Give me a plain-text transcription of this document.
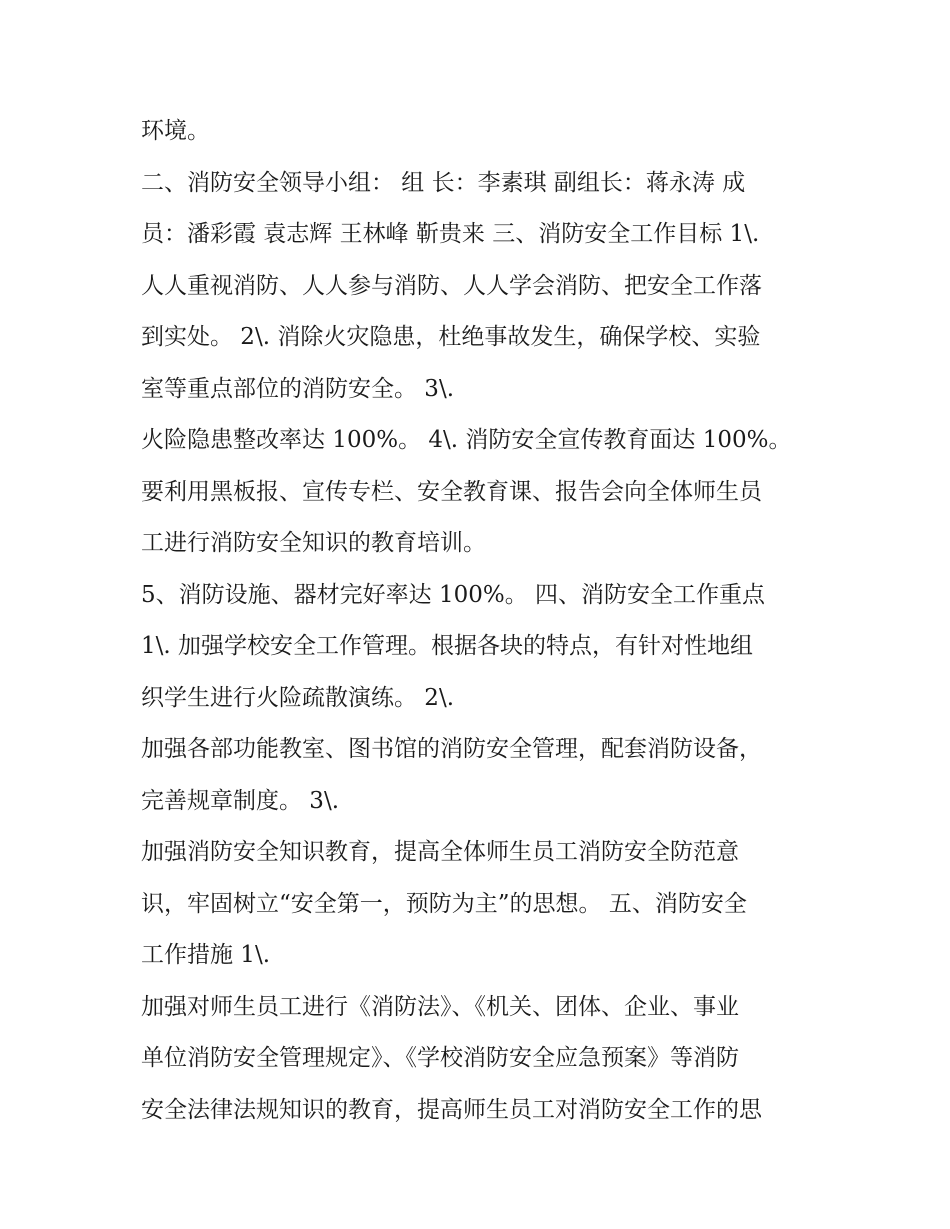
环境。
二、消防安全领导小组： 组 长：李素琪 副组长：蒋永涛 成
员：潘彩霞 袁志辉 王林峰 靳贵来 三、消防安全工作目标 1\.
人人重视消防、人人参与消防、人人学会消防、把安全工作落
到实处。 2\. 消除火灾隐患，杜绝事故发生，确保学校、实验
室等重点部位的消防安全。 3\.
火险隐患整改率达 100%。 4\. 消防安全宣传教育面达 100%。
要利用黑板报、宣传专栏、安全教育课、报告会向全体师生员
工进行消防安全知识的教育培训。
5、消防设施、器材完好率达 100%。 四、消防安全工作重点
1\. 加强学校安全工作管理。根据各块的特点，有针对性地组
织学生进行火险疏散演练。 2\.
加强各部功能教室、图书馆的消防安全管理，配套消防设备，
完善规章制度。 3\.
加强消防安全知识教育，提高全体师生员工消防安全防范意
识，牢固树立“安全第一，预防为主”的思想。 五、消防安全
工作措施 1\.
加强对师生员工进行《消防法》、《机关、团体、企业、事业
单位消防安全管理规定》、《学校消防安全应急预案》等消防
安全法律法规知识的教育，提高师生员工对消防安全工作的思
